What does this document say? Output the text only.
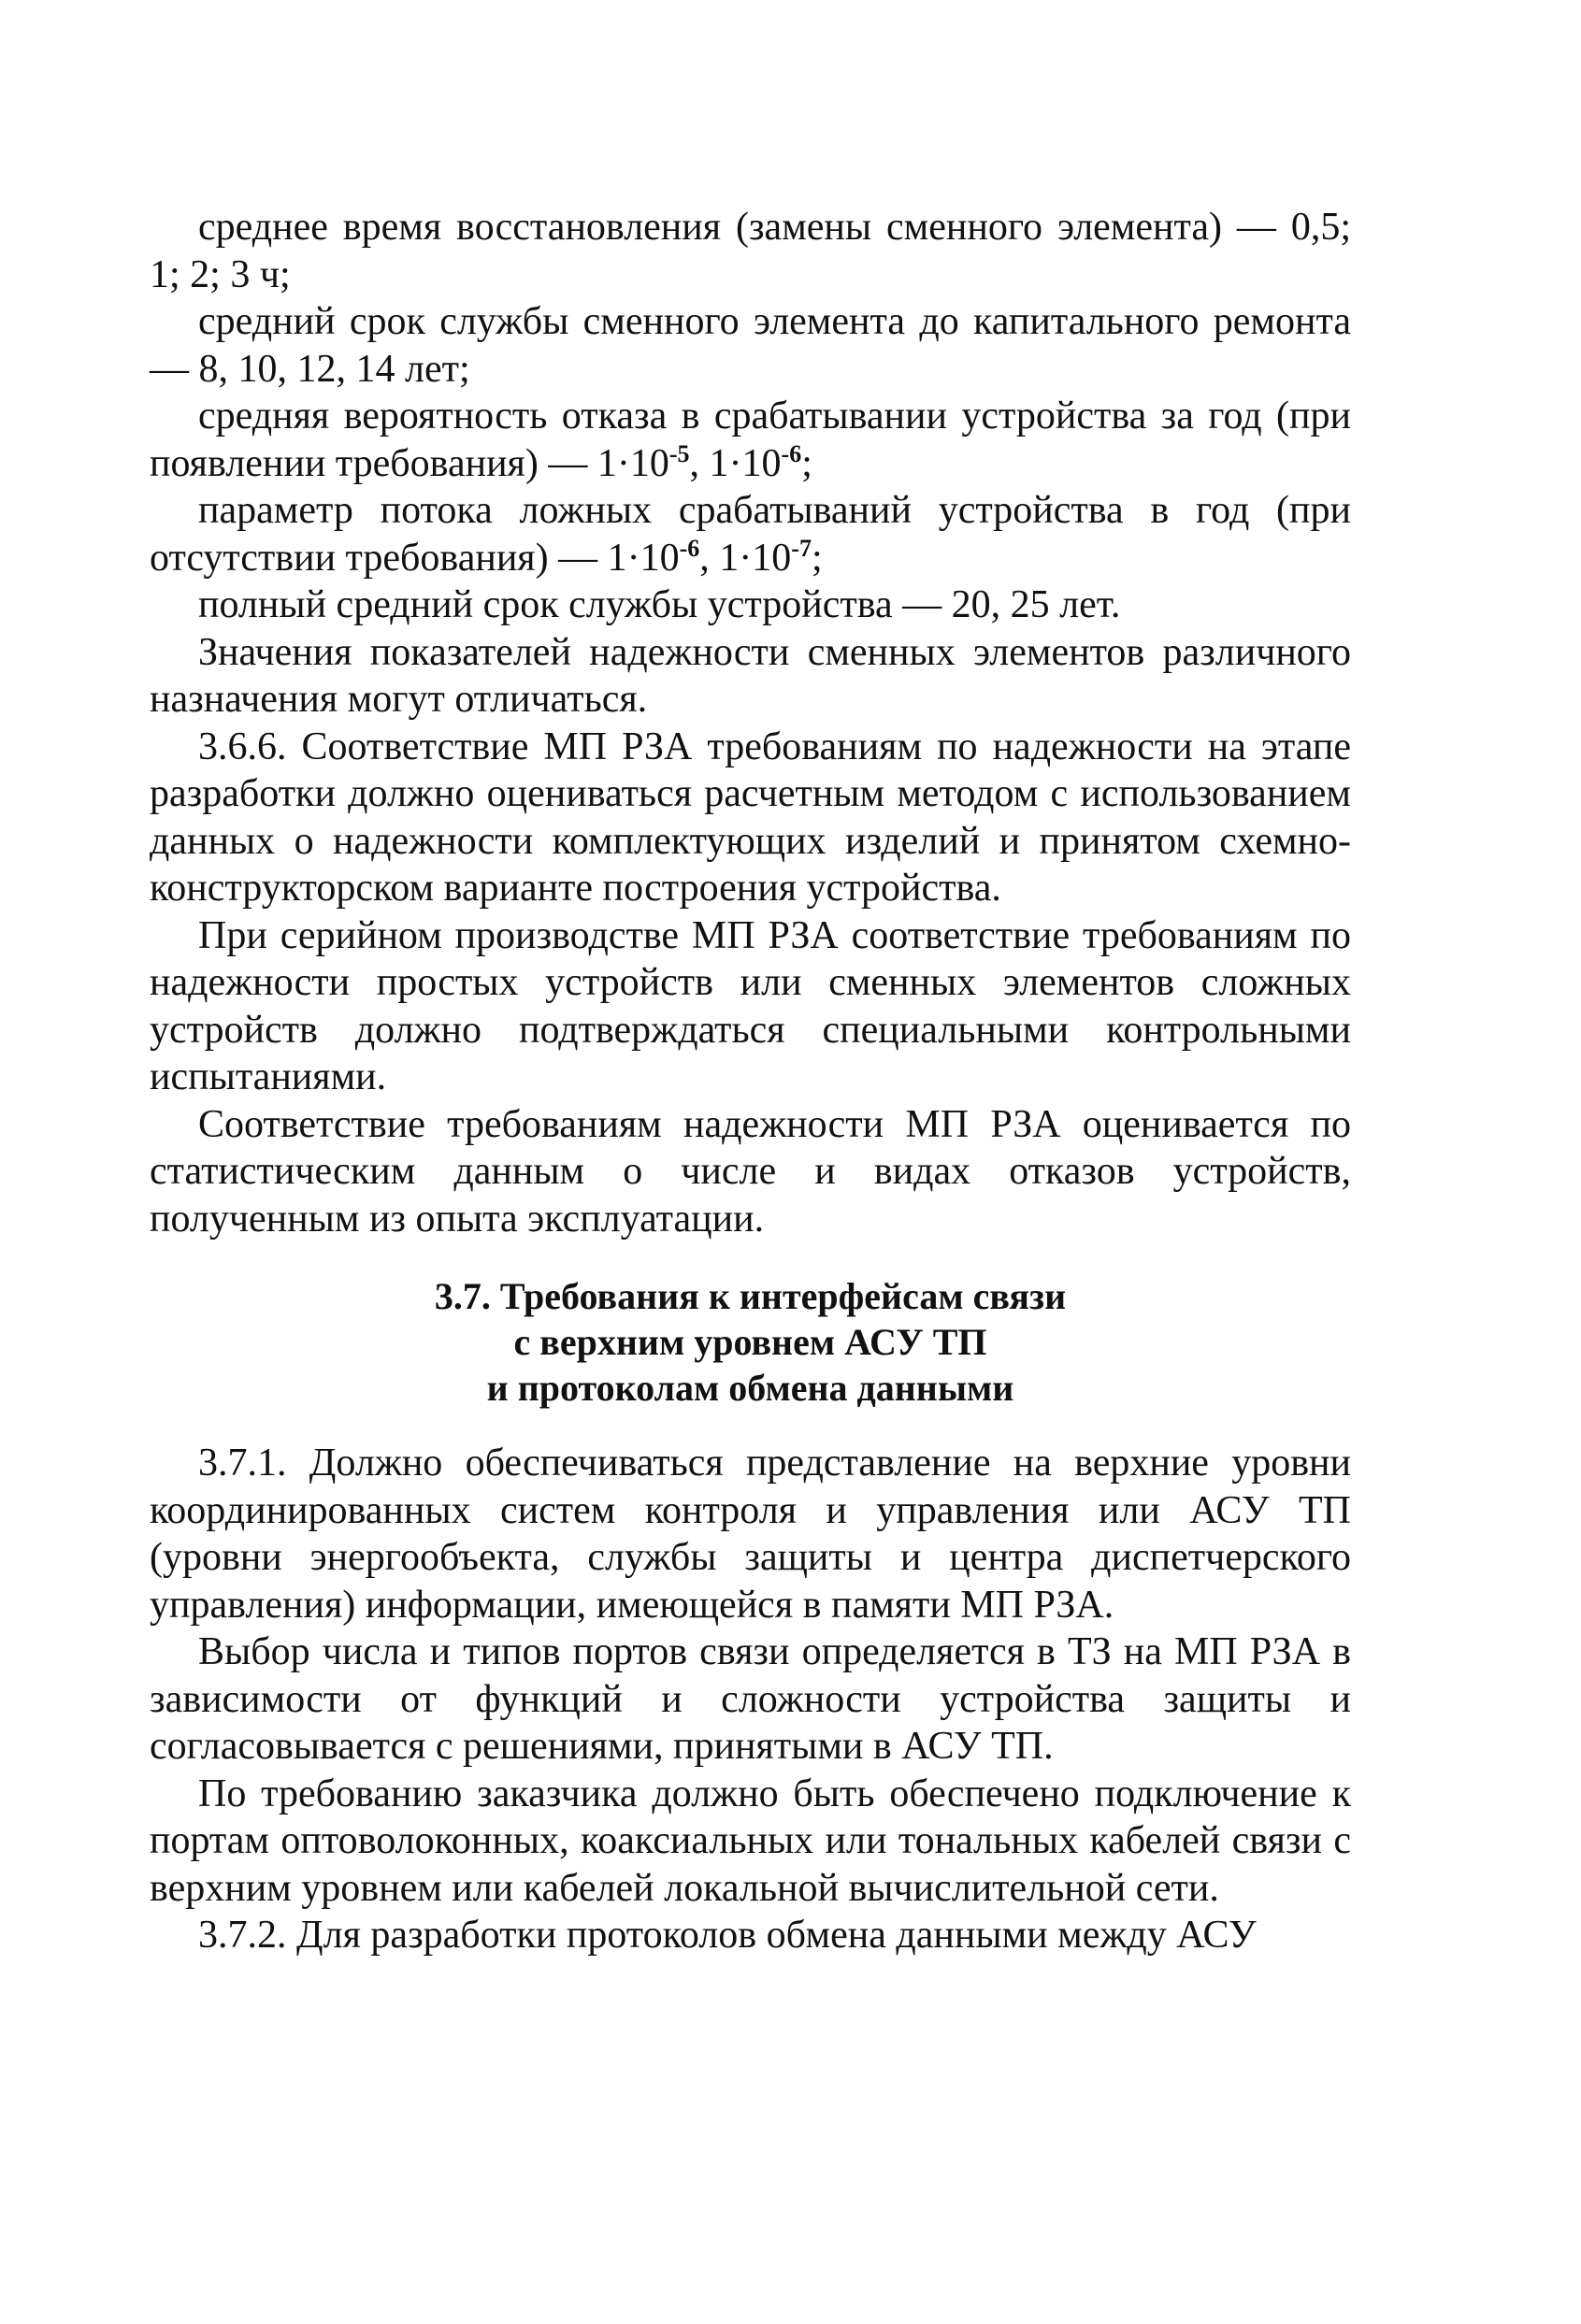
среднее время восстановления (замены сменного элемента) — 0,5; 1; 2; 3 ч;

средний срок службы сменного элемента до капитального ремонта — 8, 10, 12, 14 лет;

средняя вероятность отказа в срабатывании устройства за год (при появлении требования) — $1\cdot 10^{-5}$, $1\cdot 10^{-6}$;

параметр потока ложных срабатываний устройства в год (при отсутствии требования) — $1\cdot 10^{-6}$, $1\cdot 10^{-7}$;

полный средний срок службы устройства — 20, 25 лет.

Значения показателей надежности сменных элементов различного назначения могут отличаться.

3.6.6. Соответствие МП РЗА требованиям по надежности на этапе разработки должно оцениваться расчетным методом с использованием данных о надежности комплектующих изделий и принятом схемно-конструкторском варианте построения устройства.

При серийном производстве МП РЗА соответствие требованиям по надежности простых устройств или сменных элементов сложных устройств должно подтверждаться специальными контрольными испытаниями.

Соответствие требованиям надежности МП РЗА оценивается по статистическим данным о числе и видах отказов устройств, полученным из опыта эксплуатации.

3.7. Требования к интерфейсам связи
с верхним уровнем АСУ ТП
и протоколам обмена данными

3.7.1. Должно обеспечиваться представление на верхние уровни координированных систем контроля и управления или АСУ ТП (уровни энергообъекта, службы защиты и центра диспетчерского управления) информации, имеющейся в памяти МП РЗА.

Выбор числа и типов портов связи определяется в ТЗ на МП РЗА в зависимости от функций и сложности устройства защиты и согласовывается с решениями, принятыми в АСУ ТП.

По требованию заказчика должно быть обеспечено подключение к портам оптоволоконных, коаксиальных или тональных кабелей связи с верхним уровнем или кабелей локальной вычислительной сети.

3.7.2. Для разработки протоколов обмена данными между АСУ
